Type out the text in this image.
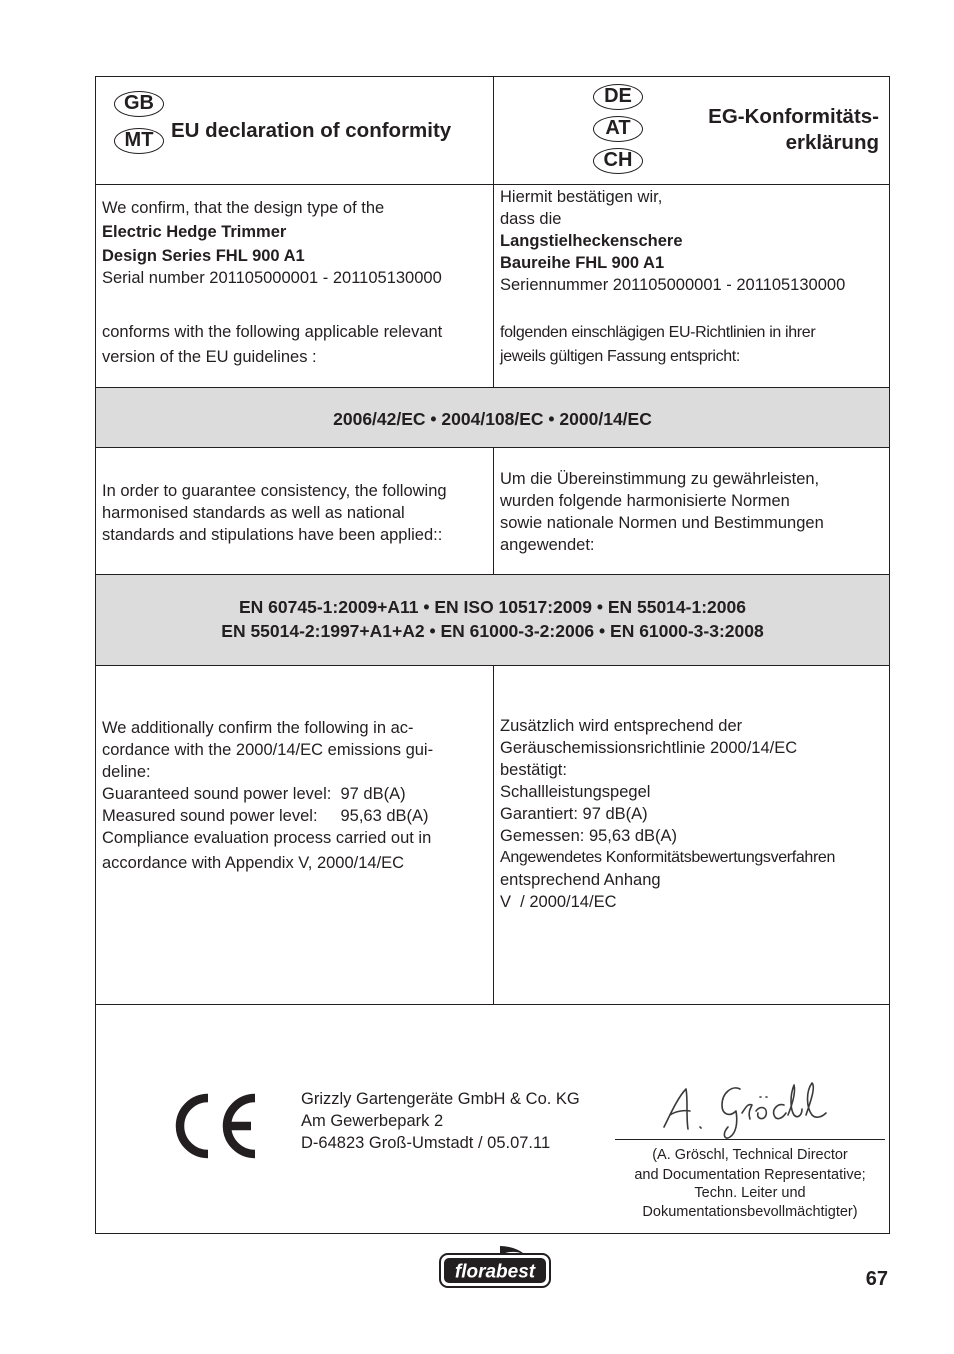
GB
MT EU declaration of conformity
DE
AT
CH
EG-Konformitäts-
erklärung
We confirm, that the design type of the
Electric Hedge Trimmer
Design Series FHL 900 A1
Serial number 201105000001 - 201105130000
conforms with the following applicable relevant
version of the EU guidelines :
Hiermit bestätigen wir,
dass die
Langstielheckenschere
Baureihe FHL 900 A1
Seriennummer 201105000001 - 201105130000
folgenden einschlägigen EU-Richtlinien in ihrer
jeweils gültigen Fassung entspricht:
2006/42/EC • 2004/108/EC • 2000/14/EC
In order to guarantee consistency, the following
harmonised standards as well as national
standards and stipulations have been applied::
Um die Übereinstimmung zu gewährleisten,
wurden folgende harmonisierte Normen
sowie nationale Normen und Bestimmungen
angewendet:
EN 60745-1:2009+A11 • EN ISO 10517:2009 • EN 55014-1:2006
EN 55014-2:1997+A1+A2 • EN 61000-3-2:2006 • EN 61000-3-3:2008
We additionally confirm the following in ac-
cordance with the 2000/14/EC emissions gui-
deline:
Guaranteed sound power level:  97 dB(A)
Measured sound power level:     95,63 dB(A)
Compliance evaluation process carried out in
accordance with Appendix V, 2000/14/EC
Zusätzlich wird entsprechend der
Geräuschemissionsrichtlinie 2000/14/EC
bestätigt:
Schallleistungspegel
Garantiert: 97 dB(A)
Gemessen: 95,63 dB(A)
Angewendetes Konformitätsbewertungsverfahren
entsprechend Anhang
V  / 2000/14/EC
Grizzly Gartengeräte GmbH & Co. KG
Am Gewerbepark 2
D-64823 Groß-Umstadt / 05.07.11
(A. Gröschl, Technical Director
and Documentation Representative;
Techn. Leiter und
Dokumentationsbevollmächtigter)
florabest	67
